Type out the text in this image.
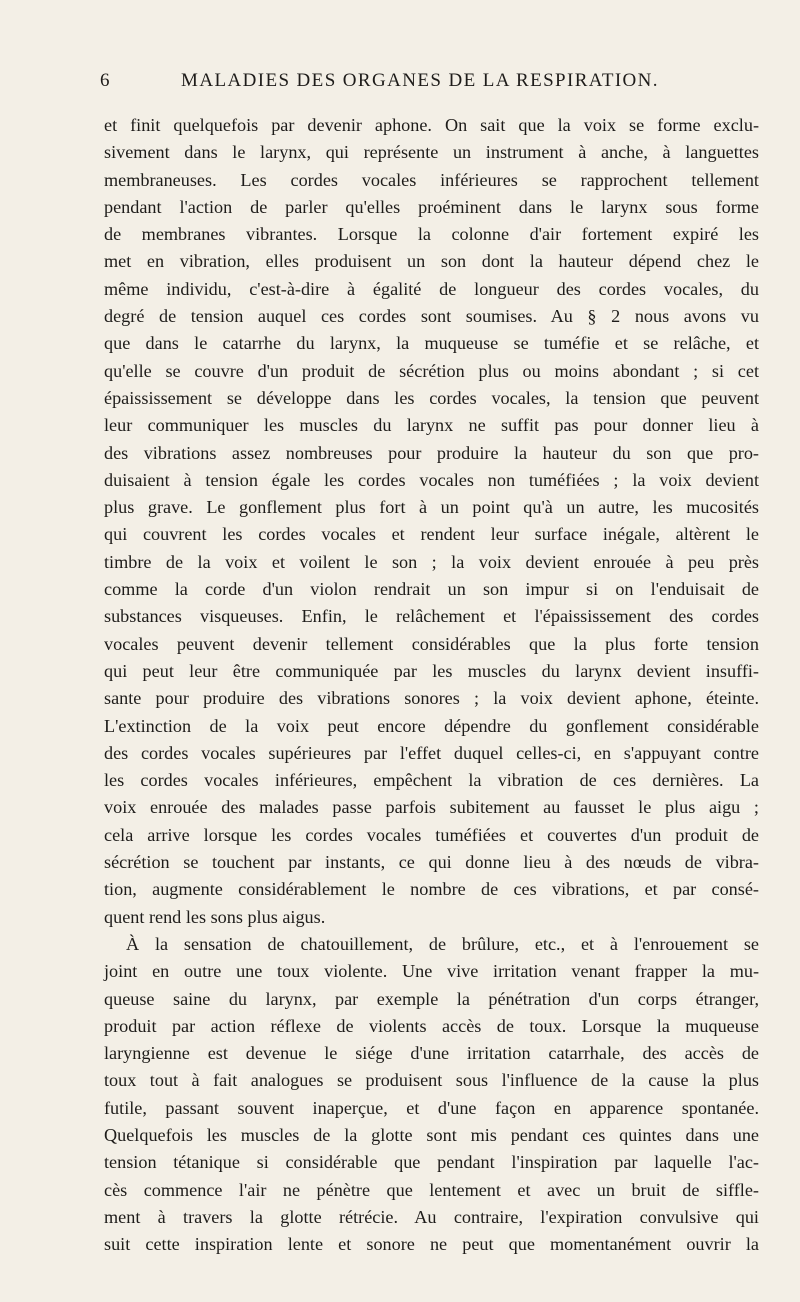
6	MALADIES DES ORGANES DE LA RESPIRATION.
et finit quelquefois par devenir aphone. On sait que la voix se forme exclu-
sivement dans le larynx, qui représente un instrument à anche, à languettes
membraneuses. Les cordes vocales inférieures se rapprochent tellement
pendant l'action de parler qu'elles proéminent dans le larynx sous forme
de membranes vibrantes. Lorsque la colonne d'air fortement expiré les
met en vibration, elles produisent un son dont la hauteur dépend chez le
même individu, c'est-à-dire à égalité de longueur des cordes vocales, du
degré de tension auquel ces cordes sont soumises. Au § 2 nous avons vu
que dans le catarrhe du larynx, la muqueuse se tuméfie et se relâche, et
qu'elle se couvre d'un produit de sécrétion plus ou moins abondant ; si cet
épaississement se développe dans les cordes vocales, la tension que peuvent
leur communiquer les muscles du larynx ne suffit pas pour donner lieu à
des vibrations assez nombreuses pour produire la hauteur du son que pro-
duisaient à tension égale les cordes vocales non tuméfiées ; la voix devient
plus grave. Le gonflement plus fort à un point qu'à un autre, les mucosités
qui couvrent les cordes vocales et rendent leur surface inégale, altèrent le
timbre de la voix et voilent le son ; la voix devient enrouée à peu près
comme la corde d'un violon rendrait un son impur si on l'enduisait de
substances visqueuses. Enfin, le relâchement et l'épaississement des cordes
vocales peuvent devenir tellement considérables que la plus forte tension
qui peut leur être communiquée par les muscles du larynx devient insuffi-
sante pour produire des vibrations sonores ; la voix devient aphone, éteinte.
L'extinction de la voix peut encore dépendre du gonflement considérable
des cordes vocales supérieures par l'effet duquel celles-ci, en s'appuyant contre
les cordes vocales inférieures, empêchent la vibration de ces dernières. La
voix enrouée des malades passe parfois subitement au fausset le plus aigu ;
cela arrive lorsque les cordes vocales tuméfiées et couvertes d'un produit de
sécrétion se touchent par instants, ce qui donne lieu à des nœuds de vibra-
tion, augmente considérablement le nombre de ces vibrations, et par consé-
quent rend les sons plus aigus.
À la sensation de chatouillement, de brûlure, etc., et à l'enrouement se
joint en outre une toux violente. Une vive irritation venant frapper la mu-
queuse saine du larynx, par exemple la pénétration d'un corps étranger,
produit par action réflexe de violents accès de toux. Lorsque la muqueuse
laryngienne est devenue le siége d'une irritation catarrhale, des accès de
toux tout à fait analogues se produisent sous l'influence de la cause la plus
futile, passant souvent inaperçue, et d'une façon en apparence spontanée.
Quelquefois les muscles de la glotte sont mis pendant ces quintes dans une
tension tétanique si considérable que pendant l'inspiration par laquelle l'ac-
cès commence l'air ne pénètre que lentement et avec un bruit de siffle-
ment à travers la glotte rétrécie. Au contraire, l'expiration convulsive qui
suit cette inspiration lente et sonore ne peut que momentanément ouvrir la
